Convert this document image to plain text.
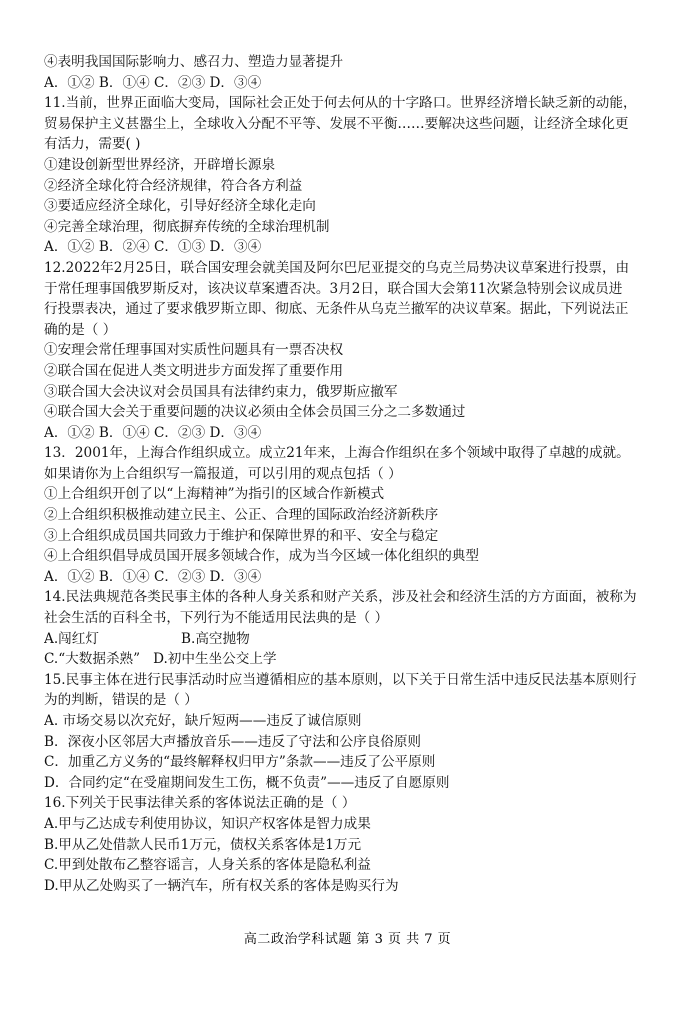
④表明我国国际影响力、感召力、塑造力显著提升
A．①② B．①④ C．②③ D．③④
11.当前，世界正面临大变局，国际社会正处于何去何从的十字路口。世界经济增长缺乏新的动能，
贸易保护主义甚嚣尘上，全球收入分配不平等、发展不平衡……要解决这些问题，让经济全球化更
有活力，需要( )
①建设创新型世界经济，开辟增长源泉
②经济全球化符合经济规律，符合各方利益
③要适应经济全球化，引导好经济全球化走向
④完善全球治理，彻底摒弃传统的全球治理机制
A．①② B．②④ C．①③ D．③④
12.2022年2月25日，联合国安理会就美国及阿尔巴尼亚提交的乌克兰局势决议草案进行投票，由
于常任理事国俄罗斯反对，该决议草案遭否决。3月2日，联合国大会第11次紧急特别会议成员进
行投票表决，通过了要求俄罗斯立即、彻底、无条件从乌克兰撤军的决议草案。据此，下列说法正
确的是（ ）
①安理会常任理事国对实质性问题具有一票否决权
②联合国在促进人类文明进步方面发挥了重要作用
③联合国大会决议对会员国具有法律约束力，俄罗斯应撤军
④联合国大会关于重要问题的决议必须由全体会员国三分之二多数通过
A．①② B．①④ C．②③ D．③④
13．2001年，上海合作组织成立。成立21年来，上海合作组织在多个领域中取得了卓越的成就。
如果请你为上合组织写一篇报道，可以引用的观点包括（ ）
①上合组织开创了以“上海精神”为指引的区域合作新模式
②上合组织积极推动建立民主、公正、合理的国际政治经济新秩序
③上合组织成员国共同致力于维护和保障世界的和平、安全与稳定
④上合组织倡导成员国开展多领域合作，成为当今区域一体化组织的典型
A．①② B．①④ C．②③ D．③④
14.民法典规范各类民事主体的各种人身关系和财产关系，涉及社会和经济生活的方方面面，被称为
社会生活的百科全书，下列行为不能适用民法典的是（ ）
A.闯红灯                   B.高空抛物
C.“大数据杀熟”   D.初中生坐公交上学
15.民事主体在进行民事活动时应当遵循相应的基本原则，以下关于日常生活中违反民法基本原则行
为的判断，错误的是（ ）
A. 市场交易以次充好，缺斤短两——违反了诚信原则
B．深夜小区邻居大声播放音乐——违反了守法和公序良俗原则
C．加重乙方义务的“最终解释权归甲方”条款——违反了公平原则
D．合同约定“在受雇期间发生工伤，概不负责”——违反了自愿原则
16.下列关于民事法律关系的客体说法正确的是（ ）
A.甲与乙达成专利使用协议，知识产权客体是智力成果
B.甲从乙处借款人民币1万元，债权关系客体是1万元
C.甲到处散布乙整容谣言，人身关系的客体是隐私利益
D.甲从乙处购买了一辆汽车，所有权关系的客体是购买行为
高二政治学科试题 第 3 页 共 7 页
